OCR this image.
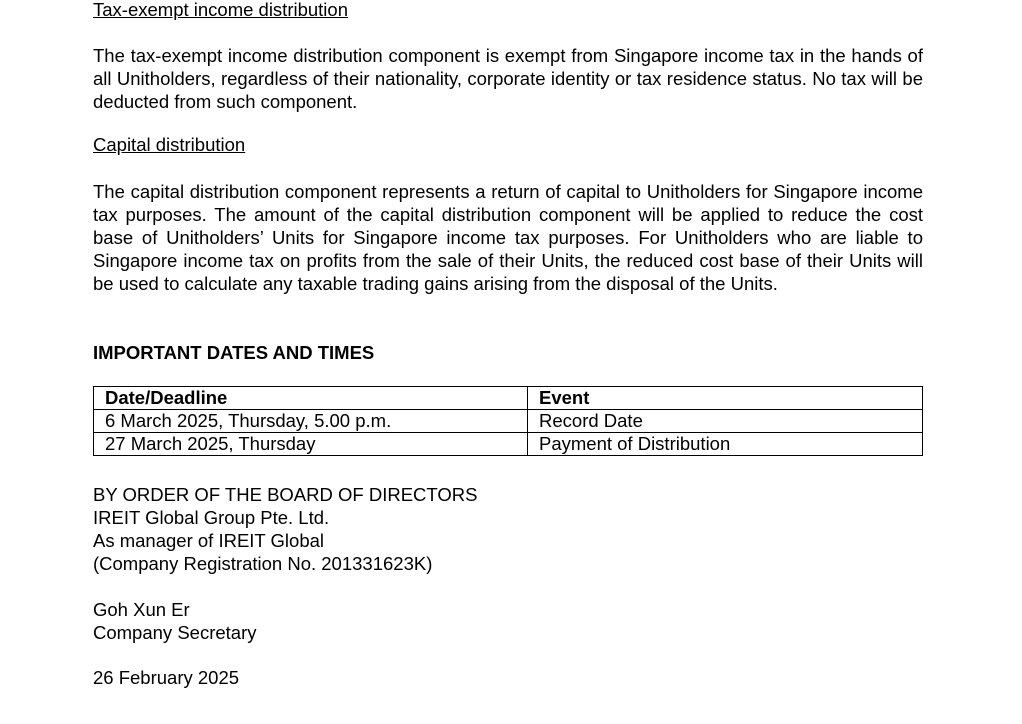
Tax-exempt income distribution
The tax-exempt income distribution component is exempt from Singapore income tax in the hands of all Unitholders, regardless of their nationality, corporate identity or tax residence status. No tax will be deducted from such component.
Capital distribution
The capital distribution component represents a return of capital to Unitholders for Singapore income tax purposes. The amount of the capital distribution component will be applied to reduce the cost base of Unitholders’ Units for Singapore income tax purposes. For Unitholders who are liable to Singapore income tax on profits from the sale of their Units, the reduced cost base of their Units will be used to calculate any taxable trading gains arising from the disposal of the Units.
IMPORTANT DATES AND TIMES
Date/Deadline	Event
6 March 2025, Thursday, 5.00 p.m.	Record Date
27 March 2025, Thursday	Payment of Distribution
BY ORDER OF THE BOARD OF DIRECTORS
IREIT Global Group Pte. Ltd.
As manager of IREIT Global
(Company Registration No. 201331623K)
Goh Xun Er
Company Secretary
26 February 2025
